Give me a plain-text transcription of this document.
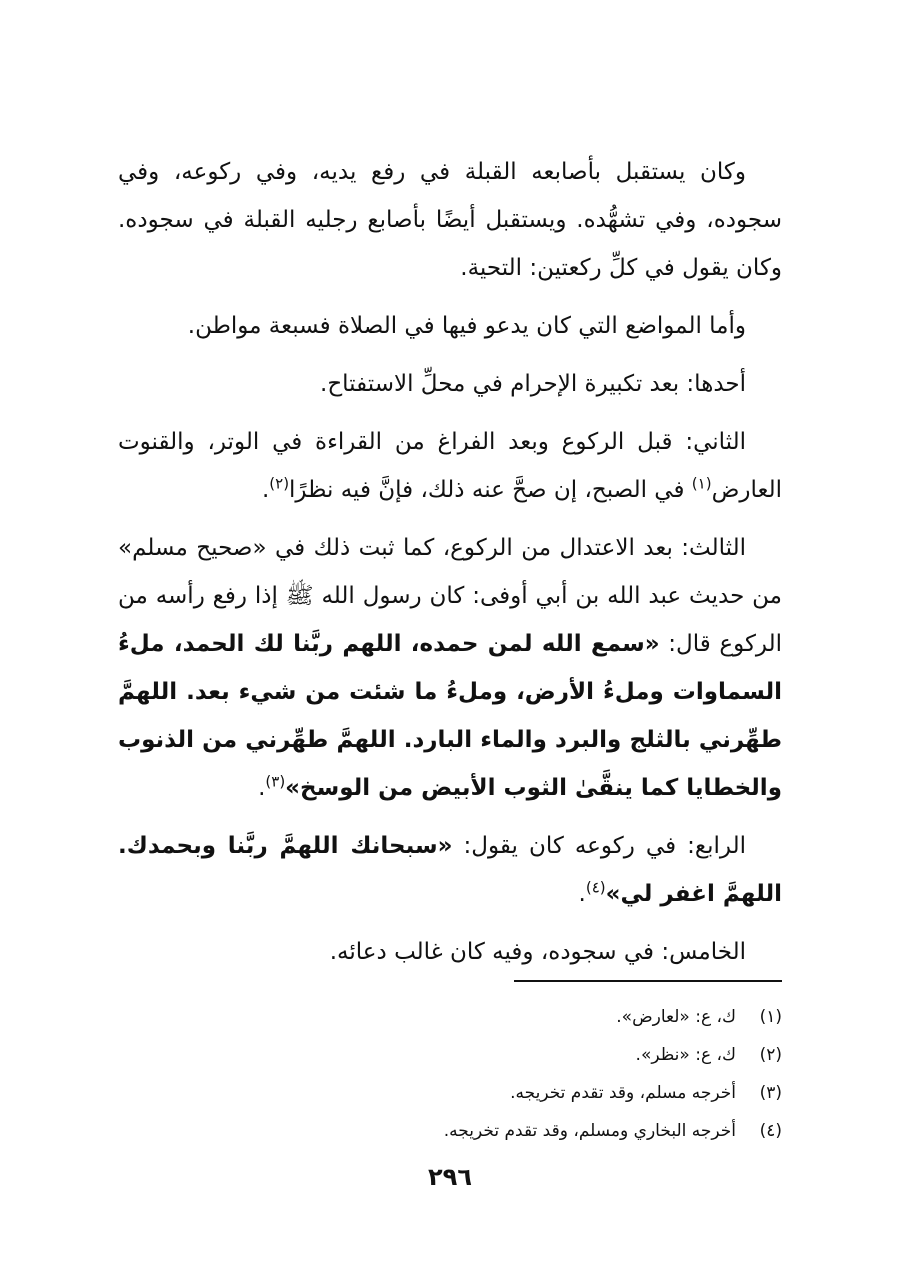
وكان يستقبل بأصابعه القبلة في رفع يديه، وفي ركوعه، وفي سجوده، وفي تشهُّده. ويستقبل أيضًا بأصابع رجليه القبلة في سجوده. وكان يقول في كلِّ ركعتين: التحية.

وأما المواضع التي كان يدعو فيها في الصلاة فسبعة مواطن.

أحدها: بعد تكبيرة الإحرام في محلِّ الاستفتاح.

الثاني: قبل الركوع وبعد الفراغ من القراءة في الوتر، والقنوت العارض$^{(١)}$ في الصبح، إن صحَّ عنه ذلك، فإنَّ فيه نظرًا$^{(٢)}$.

الثالث: بعد الاعتدال من الركوع، كما ثبت ذلك في «صحيح مسلم» من حديث عبد الله بن أبي أوفى: كان رسول الله ﷺ إذا رفع رأسه من الركوع قال: «سمع الله لمن حمده، اللهم ربَّنا لك الحمد، ملءُ السماوات وملءُ الأرض، وملءُ ما شئت من شيء بعد. اللهمَّ طهِّرني بالثلج والبرد والماء البارد. اللهمَّ طهِّرني من الذنوب والخطايا كما ينقَّىٰ الثوب الأبيض من الوسخ»$^{(٣)}$.

الرابع: في ركوعه كان يقول: «سبحانك اللهمَّ ربَّنا وبحمدك. اللهمَّ اغفر لي»$^{(٤)}$.

الخامس: في سجوده، وفيه كان غالب دعائه.

(١)
ك، ع: «لعارض».
(٢)
ك، ع: «نظر».
(٣)
أخرجه مسلم، وقد تقدم تخريجه.
(٤)
أخرجه البخاري ومسلم، وقد تقدم تخريجه.
٢٩٦
